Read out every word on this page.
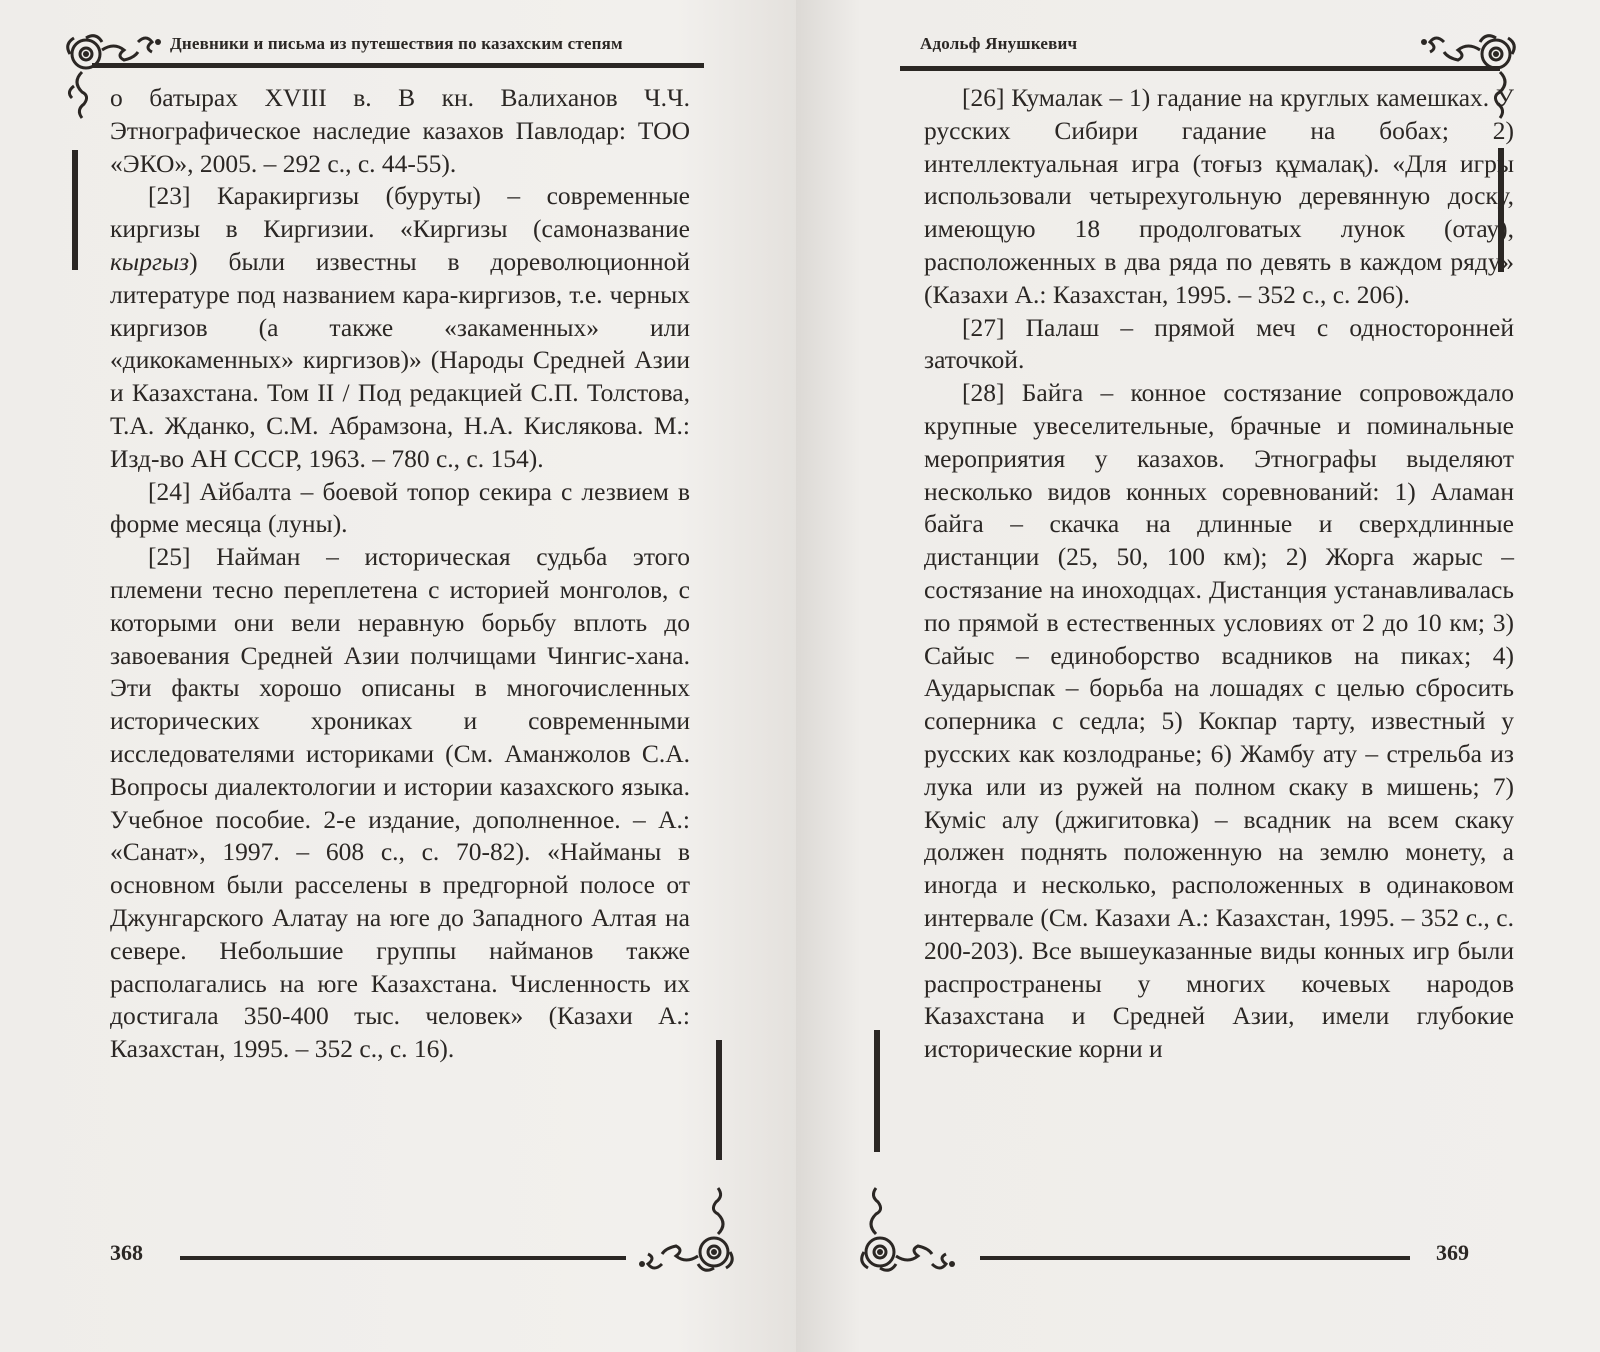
Дневники и письма из путешествия по казахским степям

о батырах XVIII в. В кн. Валиханов Ч.Ч. Этнографическое наследие казахов Павлодар: ТОО «ЭКО», 2005. – 292 с., с. 44-55).

[23] Каракиргизы (буруты) – современные киргизы в Киргизии. «Киргизы (самоназвание кыргыз) были известны в дореволюционной литературе под названием кара-киргизов, т.е. черных киргизов (а также «закаменных» или «дикокаменных» киргизов)» (Народы Средней Азии и Казахстана. Том II / Под редакцией С.П. Толстова, Т.А. Жданко, С.М. Абрамзона, Н.А. Кислякова. М.: Изд-во АН СССР, 1963. – 780 с., с. 154).

[24] Айбалта – боевой топор секира с лезвием в форме месяца (луны).

[25] Найман – историческая судьба этого племени тесно переплетена с историей монголов, с которыми они вели неравную борьбу вплоть до завоевания Средней Азии полчищами Чингис-хана. Эти факты хорошо описаны в многочисленных исторических хрониках и современными исследователями историками (См. Аманжолов С.А. Вопросы диалектологии и истории казахского языка. Учебное пособие. 2-е издание, дополненное. – А.: «Санат», 1997. – 608 с., с. 70-82). «Найманы в основном были расселены в предгорной полосе от Джунгарского Алатау на юге до Западного Алтая на севере. Небольшие группы найманов также располагались на юге Казахстана. Численность их достигала 350-400 тыс. человек» (Казахи А.: Казахстан, 1995. – 352 с., с. 16).

368
Адольф Янушкевич

[26] Кумалак – 1) гадание на круглых камешках. У русских Сибири гадание на бобах; 2) интеллектуальная игра (тоғыз құмалақ). «Для игры использовали четырехугольную деревянную доску, имеющую 18 продолговатых лунок (отау), расположенных в два ряда по девять в каждом ряду» (Казахи А.: Казахстан, 1995. – 352 с., с. 206).

[27] Палаш – прямой меч с односторонней заточкой.

[28] Байга – конное состязание сопровождало крупные увеселительные, брачные и поминальные мероприятия у казахов. Этнографы выделяют несколько видов конных соревнований: 1) Аламан байга – скачка на длинные и сверхдлинные дистанции (25, 50, 100 км); 2) Жорга жарыс – состязание на иноходцах. Дистанция устанавливалась по прямой в естественных условиях от 2 до 10 км; 3) Сайыс – единоборство всадников на пиках; 4) Аударыспак – борьба на лошадях с целью сбросить соперника с седла; 5) Кокпар тарту, известный у русских как козлодранье; 6) Жамбу ату – стрельба из лука или из ружей на полном скаку в мишень; 7) Куміс алу (джигитовка) – всадник на всем скаку должен поднять положенную на землю монету, а иногда и несколько, расположенных в одинаковом интервале (См. Казахи А.: Казахстан, 1995. – 352 с., с. 200-203). Все вышеуказанные виды конных игр были распространены у многих кочевых народов Казахстана и Средней Азии, имели глубокие исторические корни и

369
